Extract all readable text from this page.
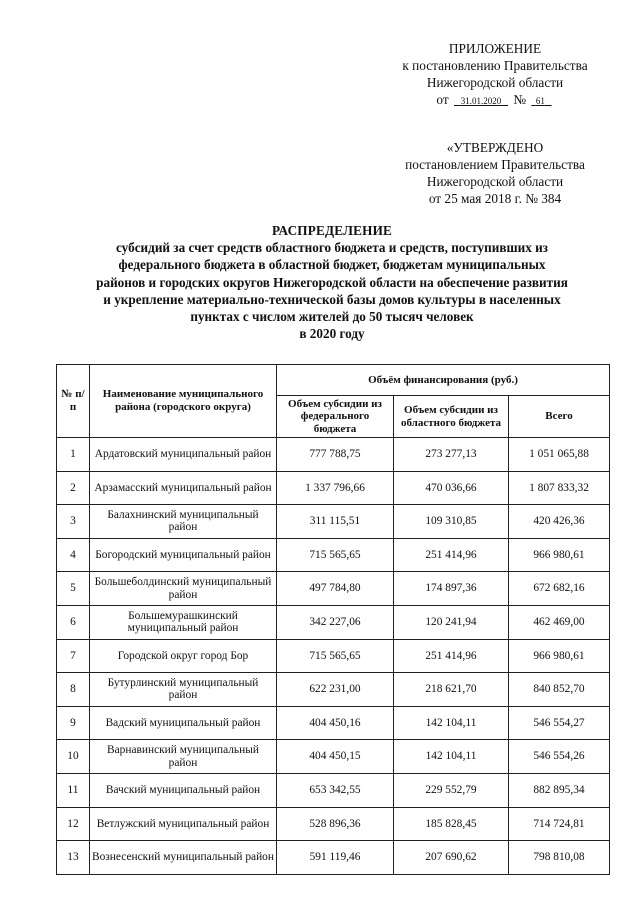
ПРИЛОЖЕНИЕ
к постановлению Правительства
Нижегородской области
от 31.01.2020 № 61
«УТВЕРЖДЕНО
постановлением Правительства
Нижегородской области
от 25 мая 2018 г. № 384
РАСПРЕДЕЛЕНИЕ
субсидий за счет средств областного бюджета и средств, поступивших из
федерального бюджета в областной бюджет, бюджетам муниципальных
районов и городских округов Нижегородской области на обеспечение развития
и укрепление материально-технической базы домов культуры в населенных
пунктах с числом жителей до 50 тысяч человек
в 2020 году
№ п/п	Наименование муниципального района (городского округа)	Объём финансирования (руб.)		
		Объем субсидии из федерального бюджета	Объем субсидии из областного бюджета	Всего
1	Ардатовский муниципальный район	777 788,75	273 277,13	1 051 065,88
2	Арзамасский муниципальный район	1 337 796,66	470 036,66	1 807 833,32
3	Балахнинский муниципальный район	311 115,51	109 310,85	420 426,36
4	Богородский муниципальный район	715 565,65	251 414,96	966 980,61
5	Большеболдинский муниципальный район	497 784,80	174 897,36	672 682,16
6	Большемурашкинский муниципальный район	342 227,06	120 241,94	462 469,00
7	Городской округ город Бор	715 565,65	251 414,96	966 980,61
8	Бутурлинский муниципальный район	622 231,00	218 621,70	840 852,70
9	Вадский муниципальный район	404 450,16	142 104,11	546 554,27
10	Варнавинский муниципальный район	404 450,15	142 104,11	546 554,26
11	Вачский муниципальный район	653 342,55	229 552,79	882 895,34
12	Ветлужский муниципальный район	528 896,36	185 828,45	714 724,81
13	Вознесенский муниципальный район	591 119,46	207 690,62	798 810,08
